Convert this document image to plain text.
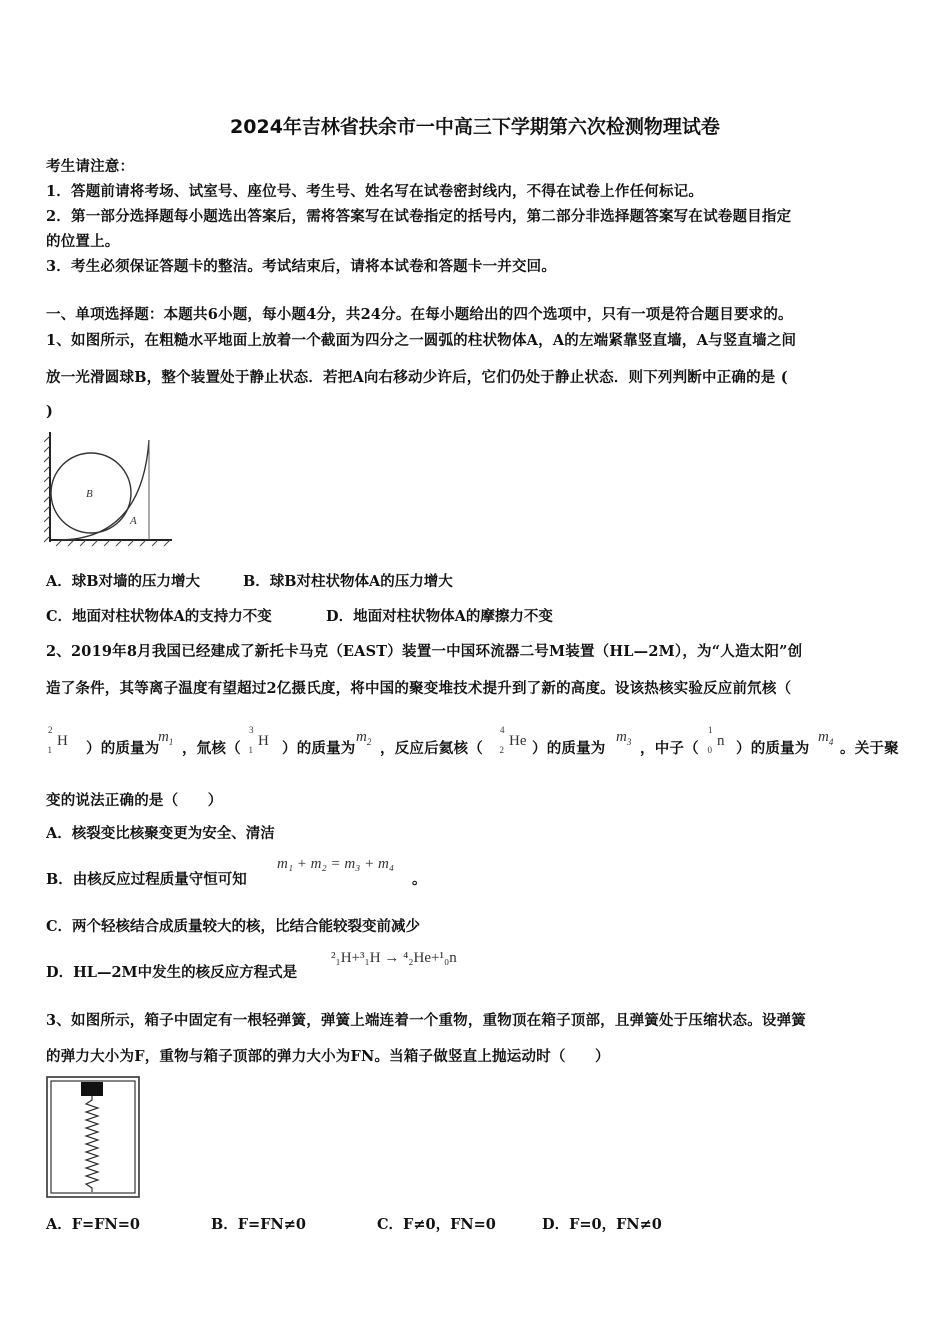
2024年吉林省扶余市一中高三下学期第六次检测物理试卷
考生请注意：
1．答题前请将考场、试室号、座位号、考生号、姓名写在试卷密封线内，不得在试卷上作任何标记。
2．第一部分选择题每小题选出答案后，需将答案写在试卷指定的括号内，第二部分非选择题答案写在试卷题目指定
的位置上。
3．考生必须保证答题卡的整洁。考试结束后，请将本试卷和答题卡一并交回。
一、单项选择题：本题共6小题，每小题4分，共24分。在每小题给出的四个选项中，只有一项是符合题目要求的。
1、如图所示，在粗糙水平地面上放着一个截面为四分之一圆弧的柱状物体A，A的左端紧靠竖直墙，A与竖直墙之间
放一光滑圆球B，整个装置处于静止状态．若把A向右移动少许后，它们仍处于静止状态．则下列判断中正确的是 (
)
B
A
A．球B对墙的压力增大	B．球B对柱状物体A的压力增大
C．地面对柱状物体A的支持力不变	D．地面对柱状物体A的摩擦力不变
2、2019年8月我国已经建成了新托卡马克（EAST）装置一中国环流器二号M装置（HL—2M），为“人造太阳”创
造了条件，其等离子温度有望超过2亿摄氏度，将中国的聚变堆技术提升到了新的高度。设该热核实验反应前氘核（
$^2_1$H ）的质量为
$m_1$ ，氚核（
$^3_1$H ）的质量为
$m_2$ ，反应后氦核（
$^4_2$He ）的质量为
$m_3$ ，中子（
$^1_0$n ）的质量为
$m_4$ 。关于聚
变的说法正确的是（　　）
A．核裂变比核聚变更为安全、清洁
B．由核反应过程质量守恒可知
m₁ + m₂ = m₃ + m₄
。
C．两个轻核结合成质量较大的核，比结合能较裂变前减少
D．HL—2M中发生的核反应方程式是
²₁H+³₁H → ⁴₂He+¹₀n
3、如图所示，箱子中固定有一根轻弹簧，弹簧上端连着一个重物，重物顶在箱子顶部，且弹簧处于压缩状态。设弹簧
的弹力大小为F，重物与箱子顶部的弹力大小为FN。当箱子做竖直上抛运动时（　　）
A．F=FN=0	B．F=FN≠0	C．F≠0，FN=0	D．F=0，FN≠0
